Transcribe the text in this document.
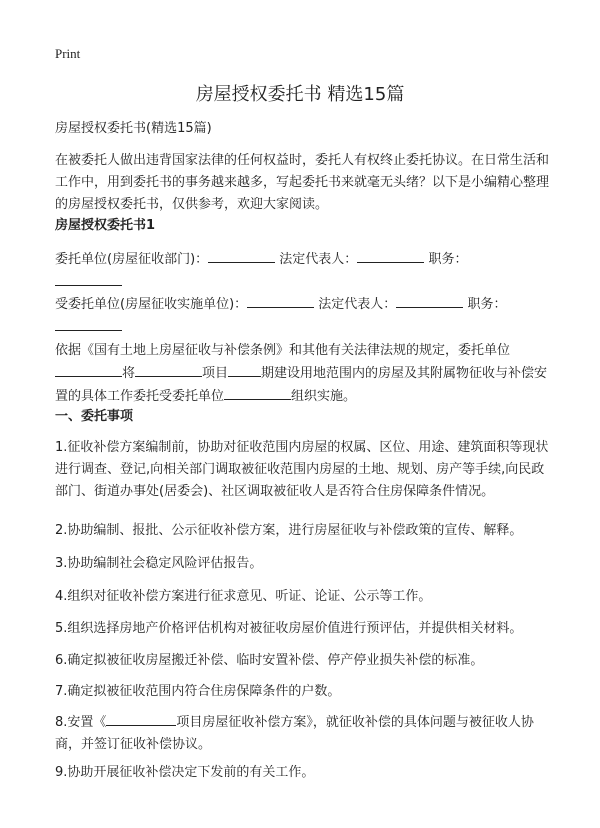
Print
房屋授权委托书 精选15篇

房屋授权委托书(精选15篇)

在被委托人做出违背国家法律的任何权益时，委托人有权终止委托协议。在日常生活和工作中，用到委托书的事务越来越多，写起委托书来就毫无头绪？以下是小编精心整理的房屋授权委托书，仅供参考，欢迎大家阅读。

房屋授权委托书1

委托单位(房屋征收部门)：	法定代表人：	职务：

受委托单位(房屋征收实施单位)：	法定代表人：	职务：

依据《国有土地上房屋征收与补偿条例》和其他有关法律法规的规定，委托单位将	项目	期建设用地范围内的房屋及其附属物征收与补偿安置的具体工作委托受委托单位	组织实施。

一、委托事项

1.征收补偿方案编制前，协助对征收范围内房屋的权属、区位、用途、建筑面积等现状进行调查、登记,向相关部门调取被征收范围内房屋的土地、规划、房产等手续,向民政部门、街道办事处(居委会)、社区调取被征收人是否符合住房保障条件情况。

2.协助编制、报批、公示征收补偿方案，进行房屋征收与补偿政策的宣传、解释。

3.协助编制社会稳定风险评估报告。

4.组织对征收补偿方案进行征求意见、听证、论证、公示等工作。

5.组织选择房地产价格评估机构对被征收房屋价值进行预评估，并提供相关材料。

6.确定拟被征收房屋搬迁补偿、临时安置补偿、停产停业损失补偿的标准。

7.确定拟被征收范围内符合住房保障条件的户数。

8.安置《	项目房屋征收补偿方案》，就征收补偿的具体问题与被征收人协商，并签订征收补偿协议。

9.协助开展征收补偿决定下发前的有关工作。
